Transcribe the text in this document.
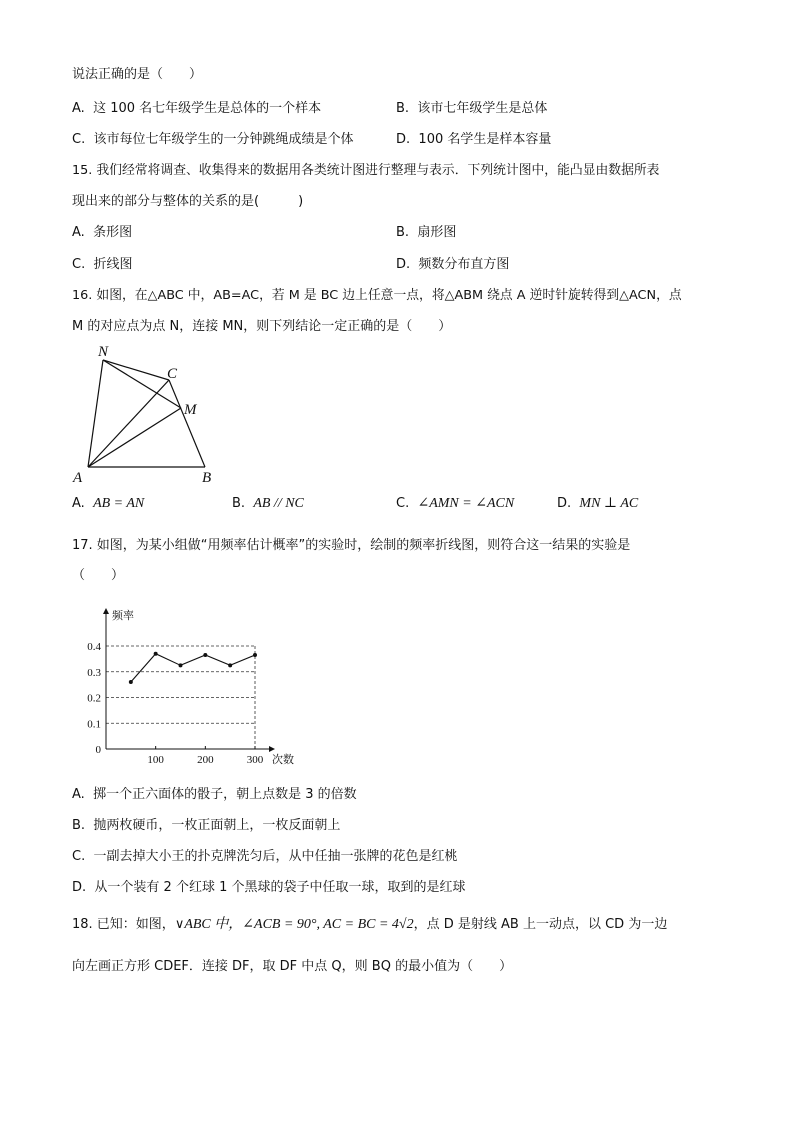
说法正确的是（　　）
A. 这 100 名七年级学生是总体的一个样本	B. 该市七年级学生是总体
C. 该市每位七年级学生的一分钟跳绳成绩是个体	D. 100 名学生是样本容量
15. 我们经常将调查、收集得来的数据用各类统计图进行整理与表示．下列统计图中，能凸显由数据所表
现出来的部分与整体的关系的是(　　　)
A. 条形图	B. 扇形图
C. 折线图	D. 频数分布直方图
16. 如图，在△ABC 中，AB=AC，若 M 是 BC 边上任意一点，将△ABM 绕点 A 逆时针旋转得到△ACN，点
M 的对应点为点 N，连接 MN，则下列结论一定正确的是（　　）
N
C
M
A	B
A. AB = AN	B. AB // NC	C. ∠AMN = ∠ACN	D. MN ⊥ AC
17. 如图，为某小组做“用频率估计概率”的实验时，绘制的频率折线图，则符合这一结果的实验是
（　　）
频率
次数
0
0.1
0.2
0.3
0.4
100	200	300
A. 掷一个正六面体的骰子，朝上点数是 3 的倍数
B. 抛两枚硬币，一枚正面朝上，一枚反面朝上
C. 一副去掉大小王的扑克牌洗匀后，从中任抽一张牌的花色是红桃
D. 从一个装有 2 个红球 1 个黑球的袋子中任取一球，取到的是红球
18. 已知：如图，∨ABC 中，∠ACB = 90°, AC = BC = 4√2，点 D 是射线 AB 上一动点，以 CD 为一边
向左画正方形 CDEF．连接 DF，取 DF 中点 Q，则 BQ 的最小值为（　　）
